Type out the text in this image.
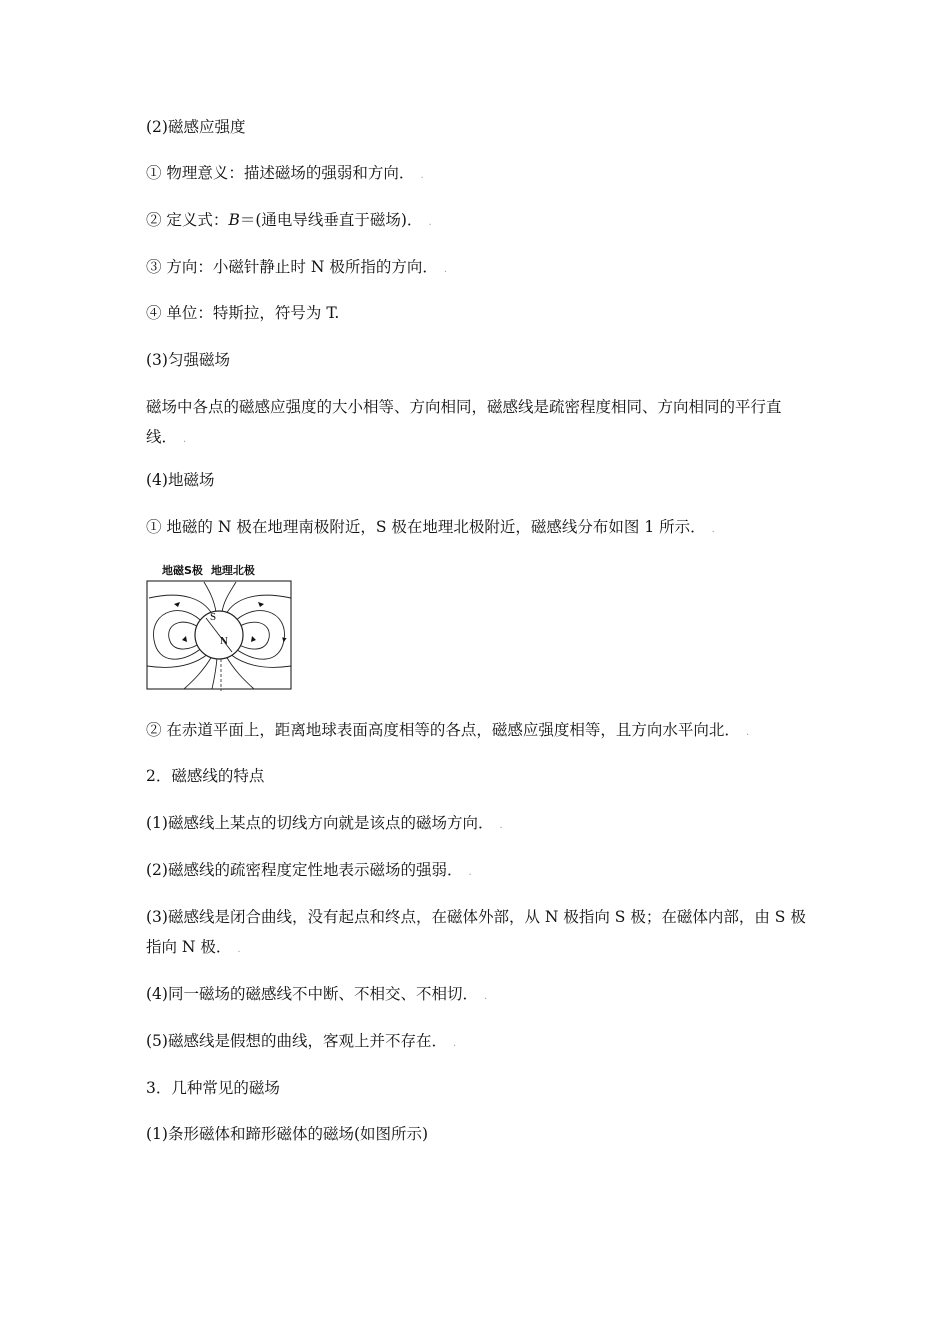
(2)磁感应强度
① 物理意义：描述磁场的强弱和方向． .
② 定义式：B＝(通电导线垂直于磁场)． .
③ 方向：小磁针静止时 N 极所指的方向． .
④ 单位：特斯拉，符号为 T.
(3)匀强磁场
磁场中各点的磁感应强度的大小相等、方向相同，磁感线是疏密程度相同、方向相同的平行直线． .
(4)地磁场
① 地磁的 N 极在地理南极附近，S 极在地理北极附近，磁感线分布如图 1 所示． .
地磁S极 地理北极
S
N
② 在赤道平面上，距离地球表面高度相等的各点，磁感应强度相等，且方向水平向北． .
2．磁感线的特点
(1)磁感线上某点的切线方向就是该点的磁场方向． .
(2)磁感线的疏密程度定性地表示磁场的强弱． .
(3)磁感线是闭合曲线，没有起点和终点，在磁体外部，从 N 极指向 S 极；在磁体内部，由 S 极指向 N 极． .
(4)同一磁场的磁感线不中断、不相交、不相切． .
(5)磁感线是假想的曲线，客观上并不存在． .
3．几种常见的磁场
(1)条形磁体和蹄形磁体的磁场(如图所示)
